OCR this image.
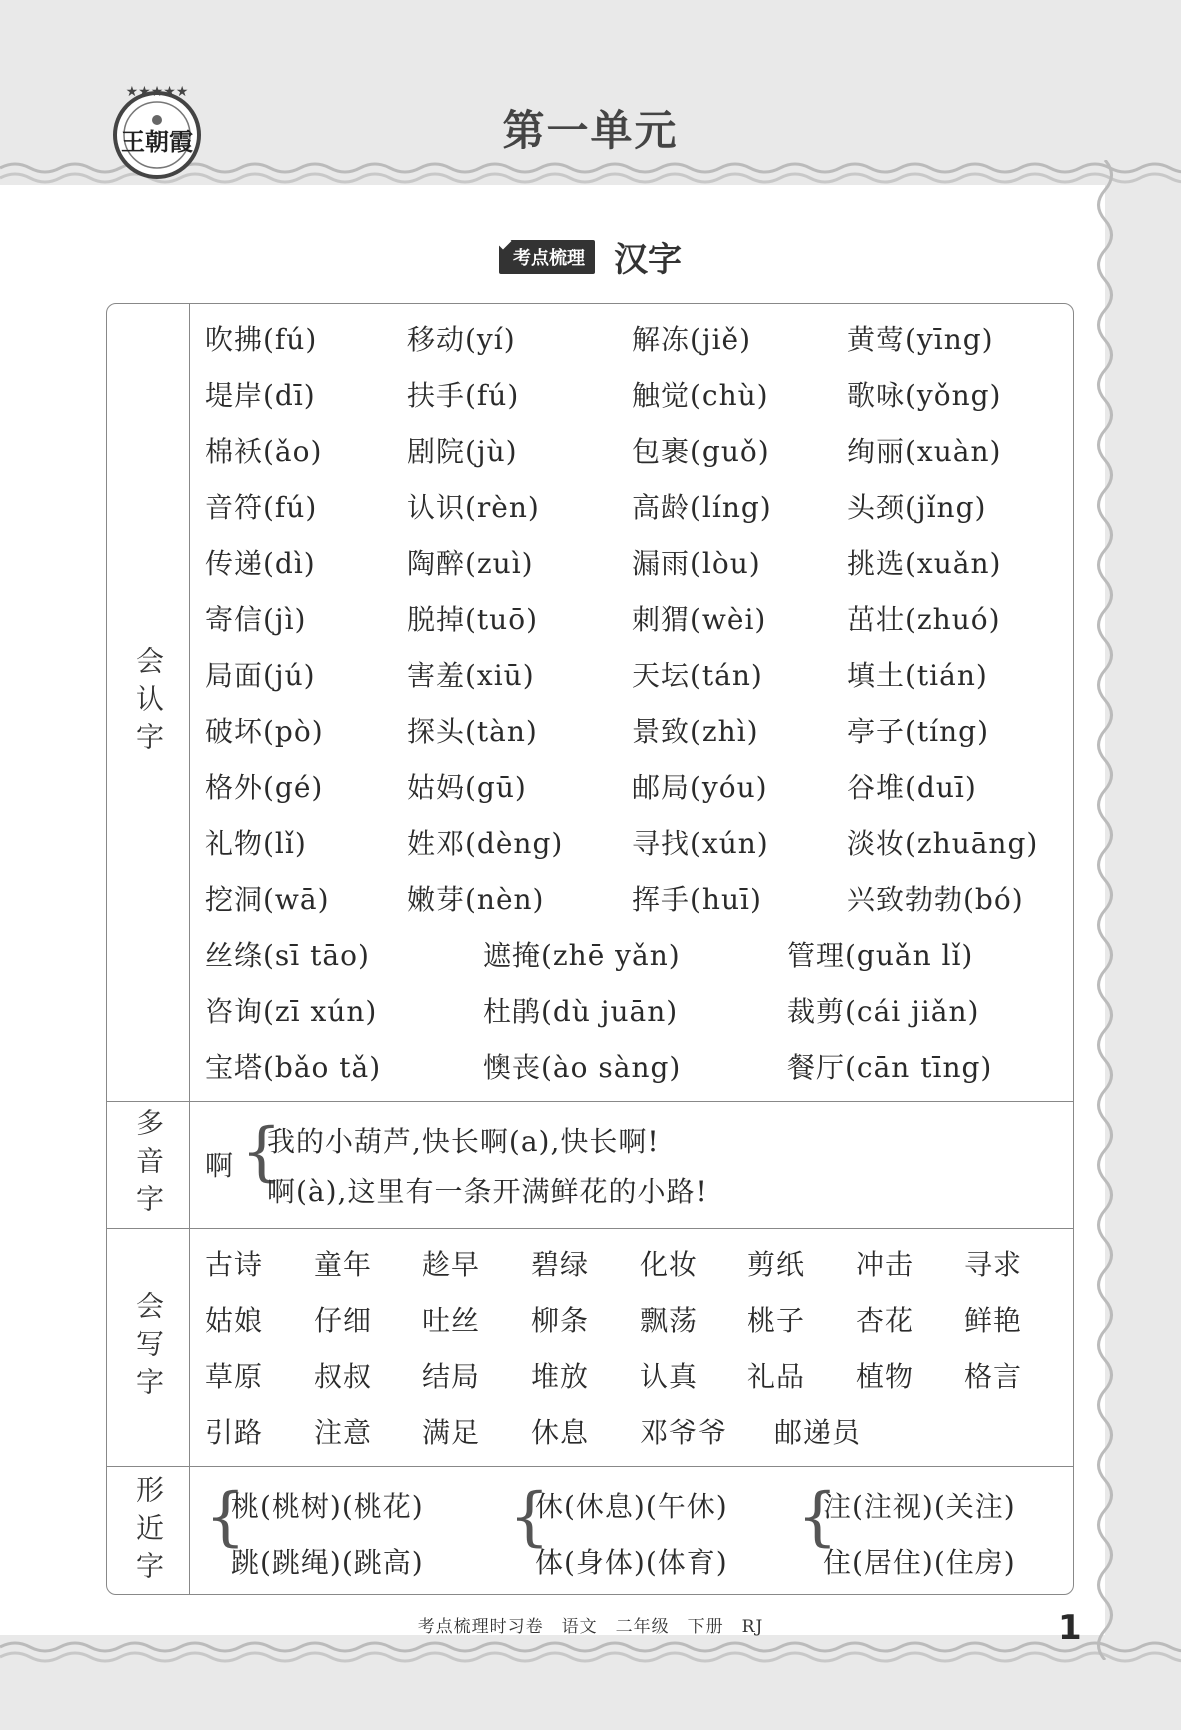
★★★★★
王朝霞	第一单元
考点梳理 汉字
会认字
吹拂(fú)	移动(yí)	解冻(jiě)	黄莺(yīng)
堤岸(dī)	扶手(fú)	触觉(chù)	歌咏(yǒng)
棉袄(ǎo)	剧院(jù)	包裹(guǒ)	绚丽(xuàn)
音符(fú)	认识(rèn)	高龄(líng)	头颈(jǐng)
传递(dì)	陶醉(zuì)	漏雨(lòu)	挑选(xuǎn)
寄信(jì)	脱掉(tuō)	刺猬(wèi)	茁壮(zhuó)
局面(jú)	害羞(xiū)	天坛(tán)	填土(tián)
破坏(pò)	探头(tàn)	景致(zhì)	亭子(tíng)
格外(gé)	姑妈(gū)	邮局(yóu)	谷堆(duī)
礼物(lǐ)	姓邓(dèng) 寻找(xún)	淡妆(zhuāng)
挖洞(wā)	嫩芽(nèn)	挥手(huī)	兴致勃勃(bó)
丝绦(sī tāo)	遮掩(zhē yǎn)	管理(guǎn lǐ)
咨询(zī xún)	杜鹃(dù juān)	裁剪(cái jiǎn)
宝塔(bǎo tǎ)	懊丧(ào sàng)	餐厅(cān tīng)
多音字 啊 {
我的小葫芦,快长啊(a),快长啊!
啊(à),这里有一条开满鲜花的小路!
会写字
古诗 童年 趁早 碧绿 化妆 剪纸 冲击 寻求
姑娘 仔细 吐丝 柳条 飘荡 桃子 杏花 鲜艳
草原 叔叔 结局 堆放 认真 礼品 植物 格言
引路 注意 满足 休息 邓爷爷 邮递员
形近字 {
桃(桃树)(桃花)
跳(跳绳)(跳高)
{
休(休息)(午休)
体(身体)(体育)
{
注(注视)(关注)
住(居住)(住房)
考点梳理时习卷　语文　二年级　下册　RJ	1
